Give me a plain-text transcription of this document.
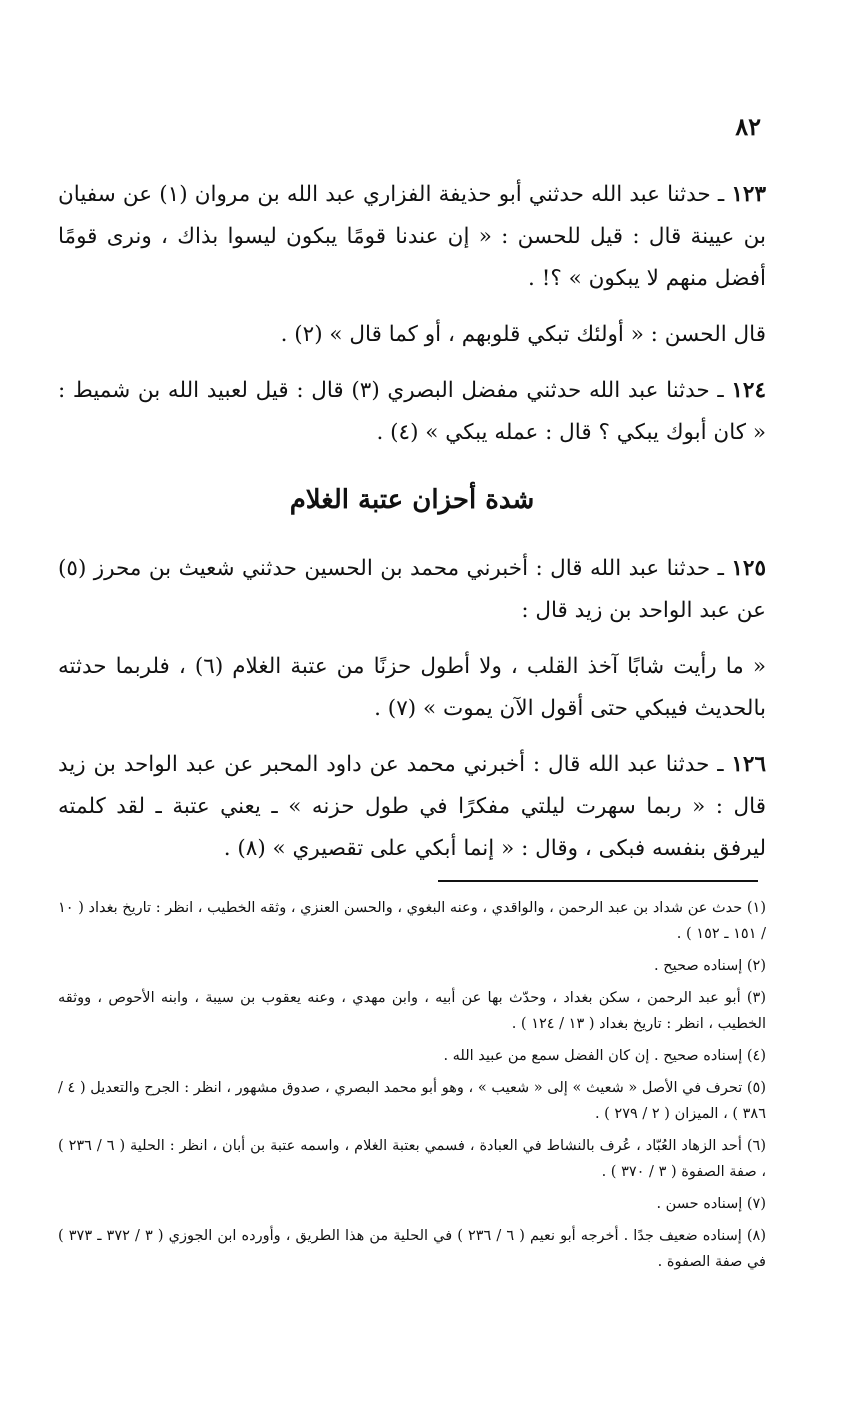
٨٢

١٢٣ ـ حدثنا عبد الله حدثني أبو حذيفة الفزاري عبد الله بن مروان (١) عن سفيان بن عيينة قال : قيل للحسن : « إن عندنا قومًا يبكون ليسوا بذاك ، ونرى قومًا أفضل منهم لا يبكون » ؟! .

قال الحسن : « أولئك تبكي قلوبهم ، أو كما قال » (٢) .

١٢٤ ـ حدثنا عبد الله حدثني مفضل البصري (٣) قال : قيل لعبيد الله بن شميط : « كان أبوك يبكي ؟ قال : عمله يبكي » (٤) .

شدة أحزان عتبة الغلام

١٢٥ ـ حدثنا عبد الله قال : أخبرني محمد بن الحسين حدثني شعيث بن محرز (٥) عن عبد الواحد بن زيد قال :

« ما رأيت شابًا آخذ القلب ، ولا أطول حزنًا من عتبة الغلام (٦) ، فلربما حدثته بالحديث فيبكي حتى أقول الآن يموت » (٧) .

١٢٦ ـ حدثنا عبد الله قال : أخبرني محمد عن داود المحبر عن عبد الواحد بن زيد قال : « ربما سهرت ليلتي مفكرًا في طول حزنه » ـ يعني عتبة ـ لقد كلمته ليرفق بنفسه فبكى ، وقال : « إنما أبكي على تقصيري » (٨) .

(١) حدث عن شداد بن عبد الرحمن ، والواقدي ، وعنه البغوي ، والحسن العنزي ، وثقه الخطيب ، انظر : تاريخ بغداد ( ١٠ / ١٥١ ـ ١٥٢ ) .

(٢) إسناده صحيح .

(٣) أبو عبد الرحمن ، سكن بغداد ، وحدّث بها عن أبيه ، وابن مهدي ، وعنه يعقوب بن سيبة ، وابنه الأحوص ، ووثقه الخطيب ، انظر : تاريخ بغداد ( ١٣ / ١٢٤ ) .

(٤) إسناده صحيح . إن كان الفضل سمع من عبيد الله .

(٥) تحرف في الأصل « شعيث » إلى « شعيب » ، وهو أبو محمد البصري ، صدوق مشهور ، انظر : الجرح والتعديل ( ٤ / ٣٨٦ ) ، الميزان ( ٢ / ٢٧٩ ) .

(٦) أحد الزهاد العُبّاد ، عُرف بالنشاط في العبادة ، فسمي بعتبة الغلام ، واسمه عتبة بن أبان ، انظر : الحلية ( ٦ / ٢٣٦ ) ، صفة الصفوة ( ٣ / ٣٧٠ ) .

(٧) إسناده حسن .

(٨) إسناده ضعيف جدًا . أخرجه أبو نعيم ( ٦ / ٢٣٦ ) في الحلية من هذا الطريق ، وأورده ابن الجوزي ( ٣ / ٣٧٢ ـ ٣٧٣ ) في صفة الصفوة .
